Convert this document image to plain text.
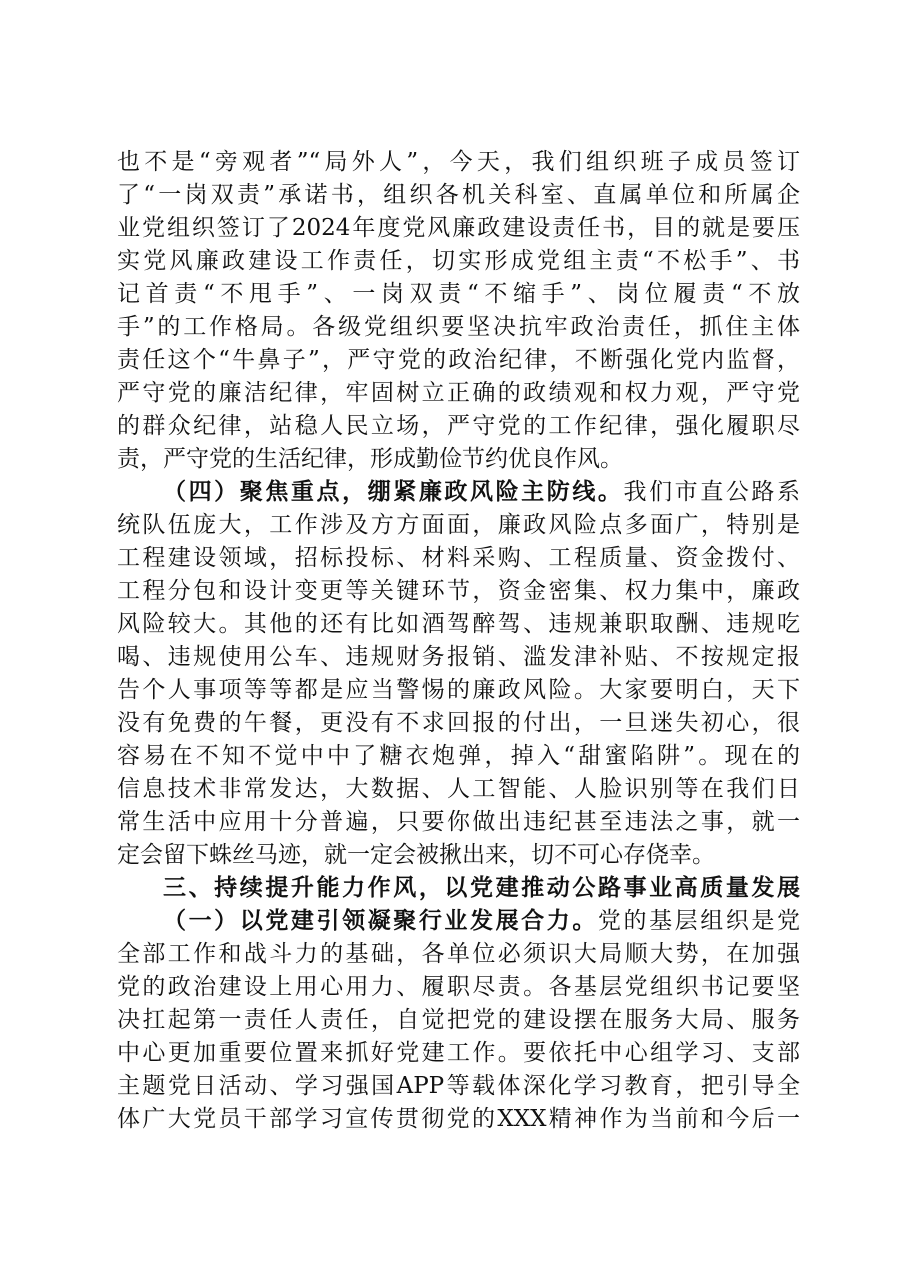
也不是“旁观者”“局外人”，今天，我们组织班子成员签订
了“一岗双责”承诺书，组织各机关科室、直属单位和所属企
业党组织签订了2024年度党风廉政建设责任书，目的就是要压
实党风廉政建设工作责任，切实形成党组主责“不松手”、书
记首责“不甩手”、一岗双责“不缩手”、岗位履责“不放
手”的工作格局。各级党组织要坚决抗牢政治责任，抓住主体
责任这个“牛鼻子”，严守党的政治纪律，不断强化党内监督，
严守党的廉洁纪律，牢固树立正确的政绩观和权力观，严守党
的群众纪律，站稳人民立场，严守党的工作纪律，强化履职尽
责，严守党的生活纪律，形成勤俭节约优良作风。
（四）聚焦重点，绷紧廉政风险主防线。我们市直公路系
统队伍庞大，工作涉及方方面面，廉政风险点多面广，特别是
工程建设领域，招标投标、材料采购、工程质量、资金拨付、
工程分包和设计变更等关键环节，资金密集、权力集中，廉政
风险较大。其他的还有比如酒驾醉驾、违规兼职取酬、违规吃
喝、违规使用公车、违规财务报销、滥发津补贴、不按规定报
告个人事项等等都是应当警惕的廉政风险。大家要明白，天下
没有免费的午餐，更没有不求回报的付出，一旦迷失初心，很
容易在不知不觉中中了糖衣炮弹，掉入“甜蜜陷阱”。现在的
信息技术非常发达，大数据、人工智能、人脸识别等在我们日
常生活中应用十分普遍，只要你做出违纪甚至违法之事，就一
定会留下蛛丝马迹，就一定会被揪出来，切不可心存侥幸。
三、持续提升能力作风，以党建推动公路事业高质量发展
（一）以党建引领凝聚行业发展合力。党的基层组织是党
全部工作和战斗力的基础，各单位必须识大局顺大势，在加强
党的政治建设上用心用力、履职尽责。各基层党组织书记要坚
决扛起第一责任人责任，自觉把党的建设摆在服务大局、服务
中心更加重要位置来抓好党建工作。要依托中心组学习、支部
主题党日活动、学习强国APP等载体深化学习教育，把引导全
体广大党员干部学习宣传贯彻党的XXX精神作为当前和今后一
